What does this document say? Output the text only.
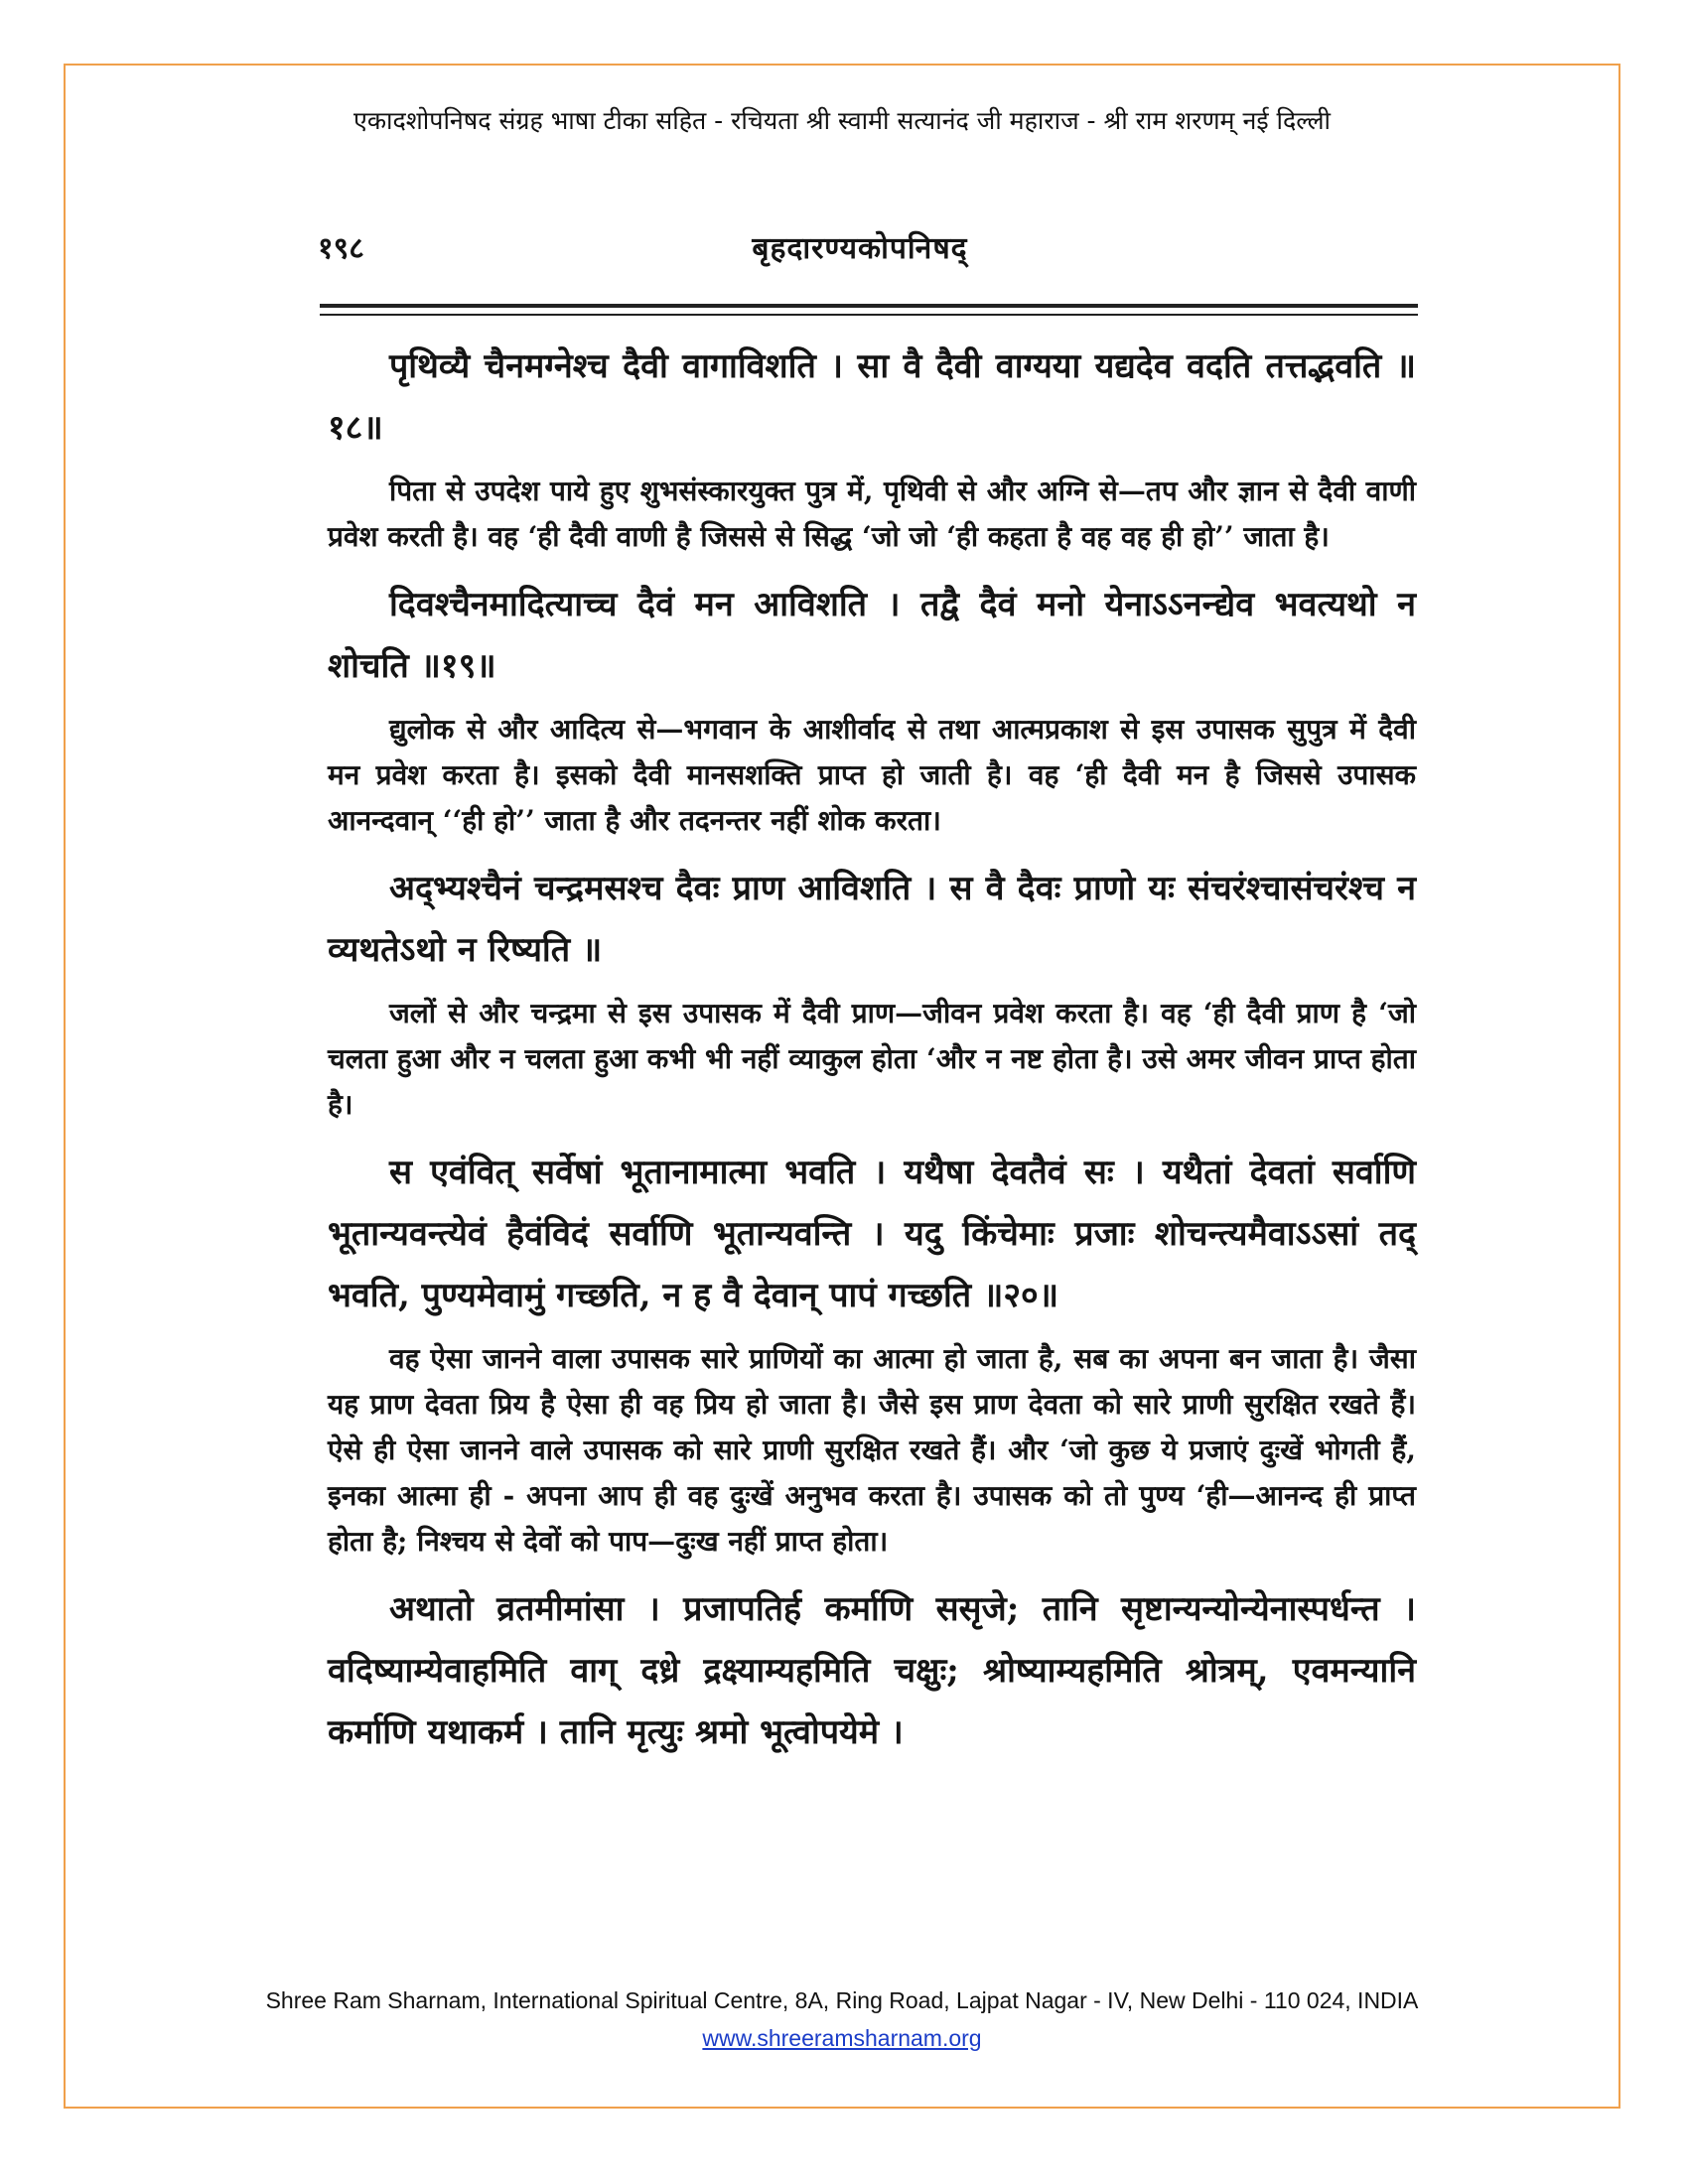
एकादशोपनिषद संग्रह भाषा टीका सहित - रचियता श्री स्वामी सत्यानंद जी महाराज - श्री राम शरणम् नई दिल्ली
१९८	बृहदारण्यकोपनिषद्

पृथिव्यै चैनमग्नेश्च दैवी वागाविशति । सा वै दैवी वाग्यया यद्यदेव वदति तत्तद्भवति ॥१८॥

पिता से उपदेश पाये हुए शुभसंस्कारयुक्त पुत्र में, पृथिवी से और अग्नि से—तप और ज्ञान से दैवी वाणी प्रवेश करती है। वह ‘ही दैवी वाणी है जिससे से सिद्ध ‘जो जो ‘ही कहता है वह वह ही हो’’ जाता है।

दिवश्चैनमादित्याच्च दैवं मन आविशति । तद्वै दैवं मनो येनाऽऽनन्द्येव भवत्यथो न शोचति ॥१९॥

द्युलोक से और आदित्य से—भगवान के आशीर्वाद से तथा आत्मप्रकाश से इस उपासक सुपुत्र में दैवी मन प्रवेश करता है। इसको दैवी मानसशक्ति प्राप्त हो जाती है। वह ‘ही दैवी मन है जिससे उपासक आनन्दवान् ‘‘ही हो’’ जाता है और तदनन्तर नहीं शोक करता।

अद्भ्यश्चैनं चन्द्रमसश्च दैवः प्राण आविशति । स वै दैवः प्राणो यः संचरंश्चासंचरंश्च न व्यथतेऽथो न रिष्यति ॥

जलों से और चन्द्रमा से इस उपासक में दैवी प्राण—जीवन प्रवेश करता है। वह ‘ही दैवी प्राण है ‘जो चलता हुआ और न चलता हुआ कभी भी नहीं व्याकुल होता ‘और न नष्ट होता है। उसे अमर जीवन प्राप्त होता है।

स एवंवित् सर्वेषां भूतानामात्मा भवति । यथैषा देवतैवं सः । यथैतां देवतां सर्वाणि भूतान्यवन्त्येवं हैवंविदं सर्वाणि भूतान्यवन्ति । यदु किंचेमाः प्रजाः शोचन्त्यमैवाऽऽसां तद् भवति, पुण्यमेवामुं गच्छति, न ह वै देवान् पापं गच्छति ॥२०॥

वह ऐसा जानने वाला उपासक सारे प्राणियों का आत्मा हो जाता है, सब का अपना बन जाता है। जैसा यह प्राण देवता प्रिय है ऐसा ही वह प्रिय हो जाता है। जैसे इस प्राण देवता को सारे प्राणी सुरक्षित रखते हैं। ऐसे ही ऐसा जानने वाले उपासक को सारे प्राणी सुरक्षित रखते हैं। और ‘जो कुछ ये प्रजाएं दुःखें भोगती हैं, इनका आत्मा ही - अपना आप ही वह दुःखें अनुभव करता है। उपासक को तो पुण्य ‘ही—आनन्द ही प्राप्त होता है; निश्चय से देवों को पाप—दुःख नहीं प्राप्त होता।

अथातो व्रतमीमांसा । प्रजापतिर्ह कर्माणि ससृजे; तानि सृष्टान्यन्योन्येनास्पर्धन्त । वदिष्याम्येवाहमिति वाग् दध्रे द्रक्ष्याम्यहमिति चक्षुः; श्रोष्याम्यहमिति श्रोत्रम्, एवमन्यानि कर्माणि यथाकर्म । तानि मृत्युः श्रमो भूत्वोपयेमे ।

Shree Ram Sharnam, International Spiritual Centre, 8A, Ring Road, Lajpat Nagar - IV, New Delhi - 110 024, INDIA
www.shreeramsharnam.org
